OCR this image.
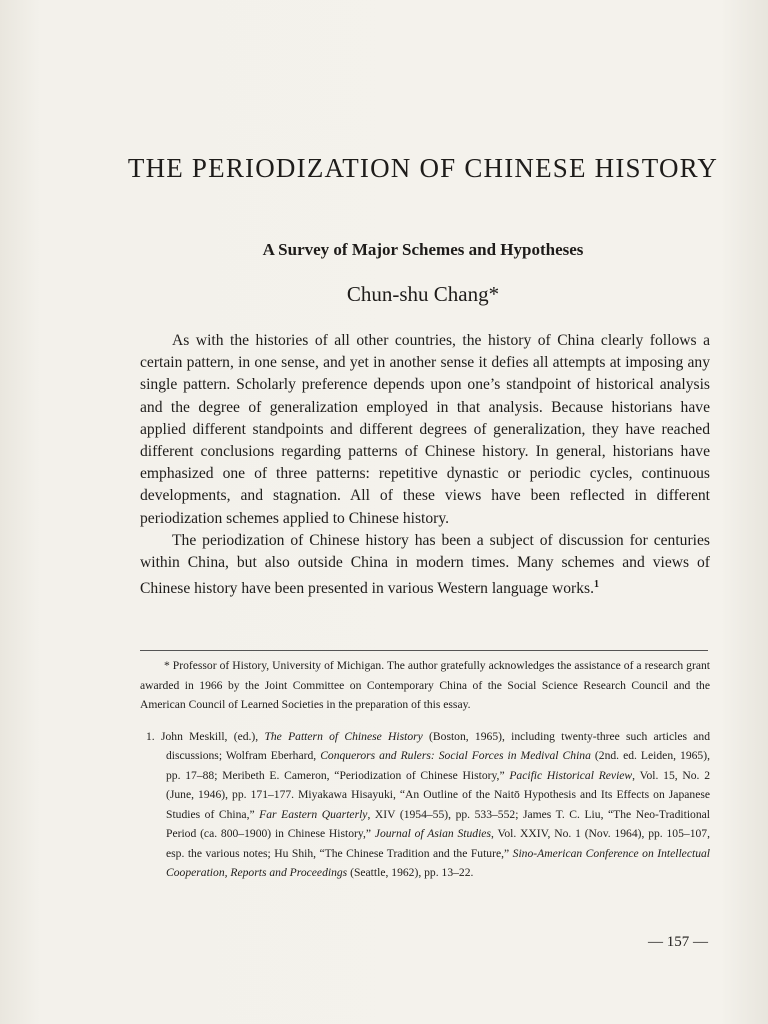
THE PERIODIZATION OF CHINESE HISTORY
A Survey of Major Schemes and Hypotheses
Chun-shu Chang*

As with the histories of all other countries, the history of China clearly follows a certain pattern, in one sense, and yet in another sense it defies all attempts at imposing any single pattern. Scholarly preference depends upon one’s standpoint of historical analysis and the degree of generalization employed in that analysis. Because historians have applied different standpoints and different degrees of generalization, they have reached different conclusions regarding patterns of Chinese history. In general, historians have emphasized one of three patterns: repetitive dynastic or periodic cycles, continuous developments, and stagnation. All of these views have been reflected in different periodization schemes applied to Chinese history.

The periodization of Chinese history has been a subject of discussion for centuries within China, but also outside China in modern times. Many schemes and views of Chinese history have been presented in various Western language works.$^1$

* Professor of History, University of Michigan. The author gratefully acknowledges the assistance of a research grant awarded in 1966 by the Joint Committee on Contemporary China of the Social Science Research Council and the American Council of Learned Societies in the preparation of this essay.

1. John Meskill, (ed.), The Pattern of Chinese History (Boston, 1965), including twenty-three such articles and discussions; Wolfram Eberhard, Conquerors and Rulers: Social Forces in Medival China (2nd. ed. Leiden, 1965), pp. 17–88; Meribeth E. Cameron, “Periodization of Chinese History,” Pacific Historical Review, Vol. 15, No. 2 (June, 1946), pp. 171–177. Miyakawa Hisayuki, “An Outline of the Naitō Hypothesis and Its Effects on Japanese Studies of China,” Far Eastern Quarterly, XIV (1954–55), pp. 533–552; James T. C. Liu, “The Neo-Traditional Period (ca. 800–1900) in Chinese History,” Journal of Asian Studies, Vol. XXIV, No. 1 (Nov. 1964), pp. 105–107, esp. the various notes; Hu Shih, “The Chinese Tradition and the Future,” Sino-American Conference on Intellectual Cooperation, Reports and Proceedings (Seattle, 1962), pp. 13–22.

— 157 —
